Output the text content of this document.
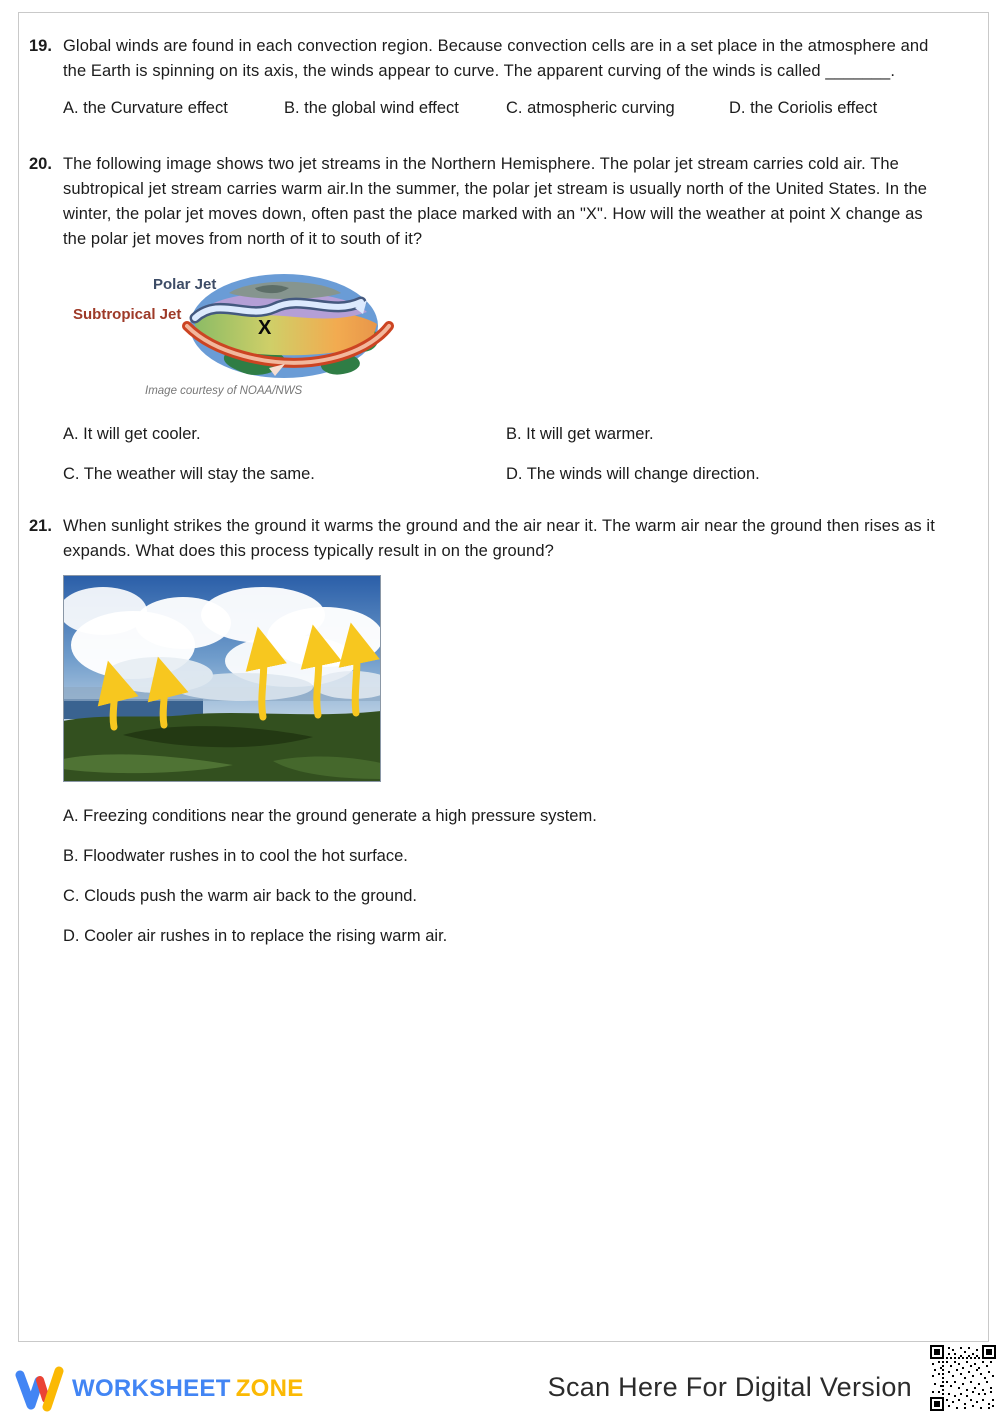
19. Global winds are found in each convection region. Because convection cells are in a set place in the atmosphere and the Earth is spinning on its axis, the winds appear to curve. The apparent curving of the winds is called _______.

A. the Curvature effect	B. the global wind effect	C. atmospheric curving	D. the Coriolis effect
20. The following image shows two jet streams in the Northern Hemisphere. The polar jet stream carries cold air. The subtropical jet stream carries warm air.In the summer, the polar jet stream is usually north of the United States. In the winter, the polar jet moves down, often past the place marked with an "X". How will the weather at point X change as the polar jet moves from north of it to south of it?

X
Polar Jet
Subtropical Jet
Image courtesy of NOAA/NWS
A. It will get cooler.	B. It will get warmer.
C. The weather will stay the same.	D. The winds will change direction.
21. When sunlight strikes the ground it warms the ground and the air near it. The warm air near the ground then rises as it expands. What does this process typically result in on the ground?

A. Freezing conditions near the ground generate a high pressure system.

B. Floodwater rushes in to cool the hot surface.

C. Clouds push the warm air back to the ground.

D. Cooler air rushes in to replace the rising warm air.

WORKSHEET ZONE	Scan Here For Digital Version
